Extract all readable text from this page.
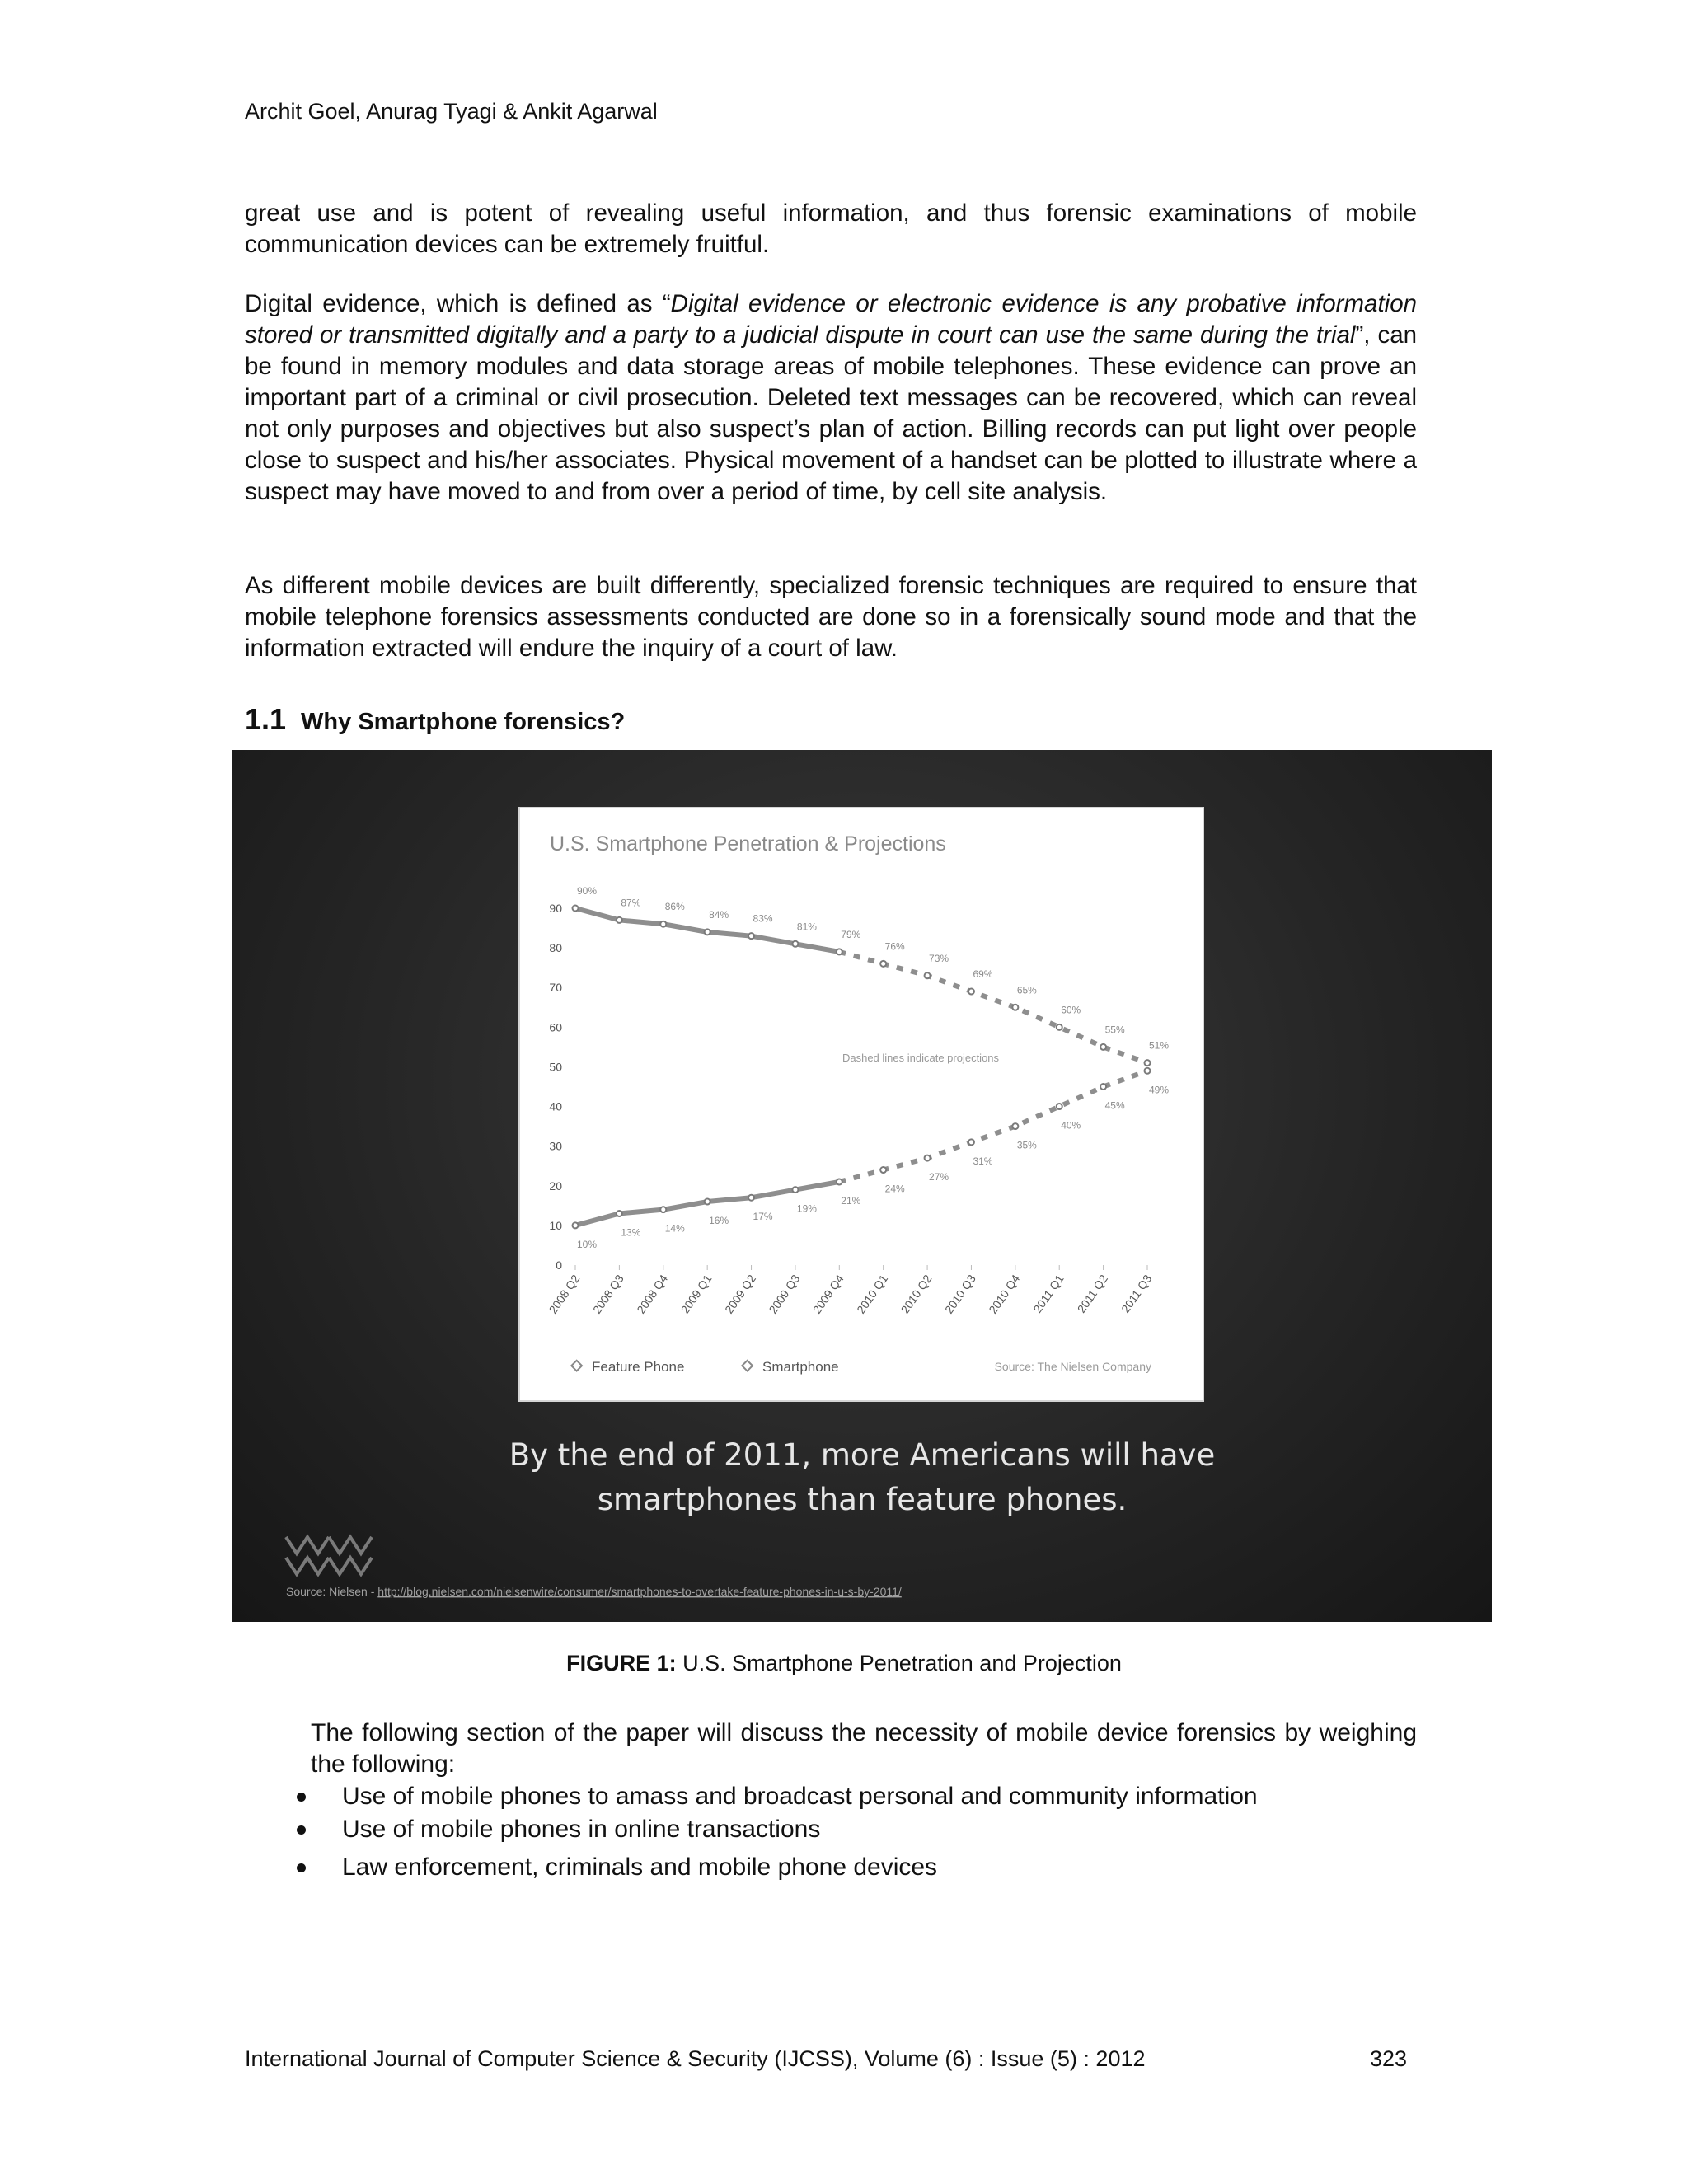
Archit Goel, Anurag Tyagi & Ankit Agarwal

great use and is potent of revealing useful information, and thus forensic examinations of mobile communication devices can be extremely fruitful.

Digital evidence, which is defined as “Digital evidence or electronic evidence is any probative information stored or transmitted digitally and a party to a judicial dispute in court can use the same during the trial”, can be found in memory modules and data storage areas of mobile telephones. These evidence can prove an important part of a criminal or civil prosecution. Deleted text messages can be recovered, which can reveal not only purposes and objectives but also suspect’s plan of action. Billing records can put light over people close to suspect and his/her associates. Physical movement of a handset can be plotted to illustrate where a suspect may have moved to and from over a period of time, by cell site analysis.

As different mobile devices are built differently, specialized forensic techniques are required to ensure that mobile telephone forensics assessments conducted are done so in a forensically sound mode and that the information extracted will endure the inquiry of a court of law.

1.1 Why Smartphone forensics?
U.S. Smartphone Penetration & Projections
0
10
20
30
40
50
60
70
80
90
2008 Q2 2008 Q3 2008 Q4 2009 Q1 2009 Q2 2009 Q3 2009 Q4 2010 Q1 2010 Q2 2010 Q3 2010 Q4 2011 Q1 2011 Q2 2011 Q3
90%
87% 86%
84% 83%
81%
79%
76%
73%
69%
65%
60%
55%
51%
10%
13% 14%
16% 17%
19%
21%
24%
27%
31%
35%
40%
45%
49%
Dashed lines indicate projections
Feature Phone	Smartphone	Source: The Nielsen Company
By the end of 2011, more Americans will have
smartphones than feature phones.
Source: Nielsen - http://blog.nielsen.com/nielsenwire/consumer/smartphones-to-overtake-feature-phones-in-u-s-by-2011/
FIGURE 1: U.S. Smartphone Penetration and Projection

The following section of the paper will discuss the necessity of mobile device forensics by weighing the following:

Use of mobile phones to amass and broadcast personal and community information
Use of mobile phones in online transactions
Law enforcement, criminals and mobile phone devices
International Journal of Computer Science & Security (IJCSS), Volume (6) : Issue (5) : 2012	323
